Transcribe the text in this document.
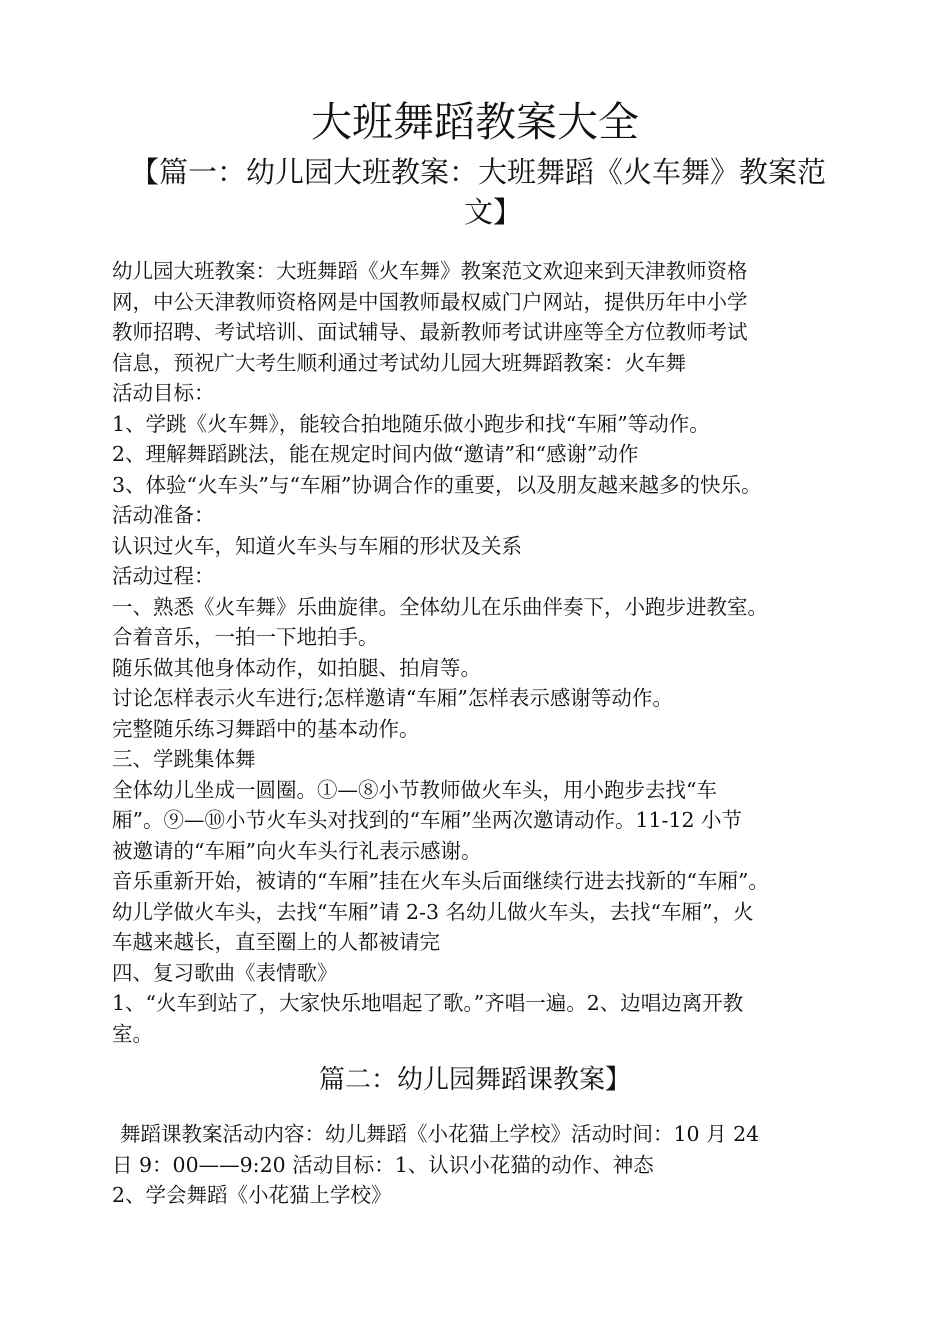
大班舞蹈教案大全
【篇一：幼儿园大班教案：大班舞蹈《火车舞》教案范
文】

幼儿园大班教案：大班舞蹈《火车舞》教案范文欢迎来到天津教师资格

网，中公天津教师资格网是中国教师最权威门户网站，提供历年中小学

教师招聘、考试培训、面试辅导、最新教师考试讲座等全方位教师考试

信息，预祝广大考生顺利通过考试幼儿园大班舞蹈教案：火车舞

活动目标：

1、学跳《火车舞》，能较合拍地随乐做小跑步和找“车厢”等动作。

2、理解舞蹈跳法，能在规定时间内做“邀请”和“感谢”动作

3、体验“火车头”与“车厢”协调合作的重要，以及朋友越来越多的快乐。

活动准备：

认识过火车，知道火车头与车厢的形状及关系

活动过程：

一、熟悉《火车舞》乐曲旋律。全体幼儿在乐曲伴奏下，小跑步进教室。

合着音乐，一拍一下地拍手。

随乐做其他身体动作，如拍腿、拍肩等。

讨论怎样表示火车进行;怎样邀请“车厢”怎样表示感谢等动作。

完整随乐练习舞蹈中的基本动作。

三、学跳集体舞

全体幼儿坐成一圆圈。①—⑧小节教师做火车头，用小跑步去找“车

厢”。⑨—⑩小节火车头对找到的“车厢”坐两次邀请动作。11-12 小节

被邀请的“车厢”向火车头行礼表示感谢。

音乐重新开始，被请的“车厢”挂在火车头后面继续行进去找新的“车厢”。

幼儿学做火车头，去找“车厢”请 2-3 名幼儿做火车头，去找“车厢”，火

车越来越长，直至圈上的人都被请完

四、复习歌曲《表情歌》

1、“火车到站了，大家快乐地唱起了歌。”齐唱一遍。2、边唱边离开教

室。

篇二：幼儿园舞蹈课教案】

舞蹈课教案活动内容：幼儿舞蹈《小花猫上学校》活动时间：10 月 24

日 9：00——9:20 活动目标：1、认识小花猫的动作、神态

2、学会舞蹈《小花猫上学校》
